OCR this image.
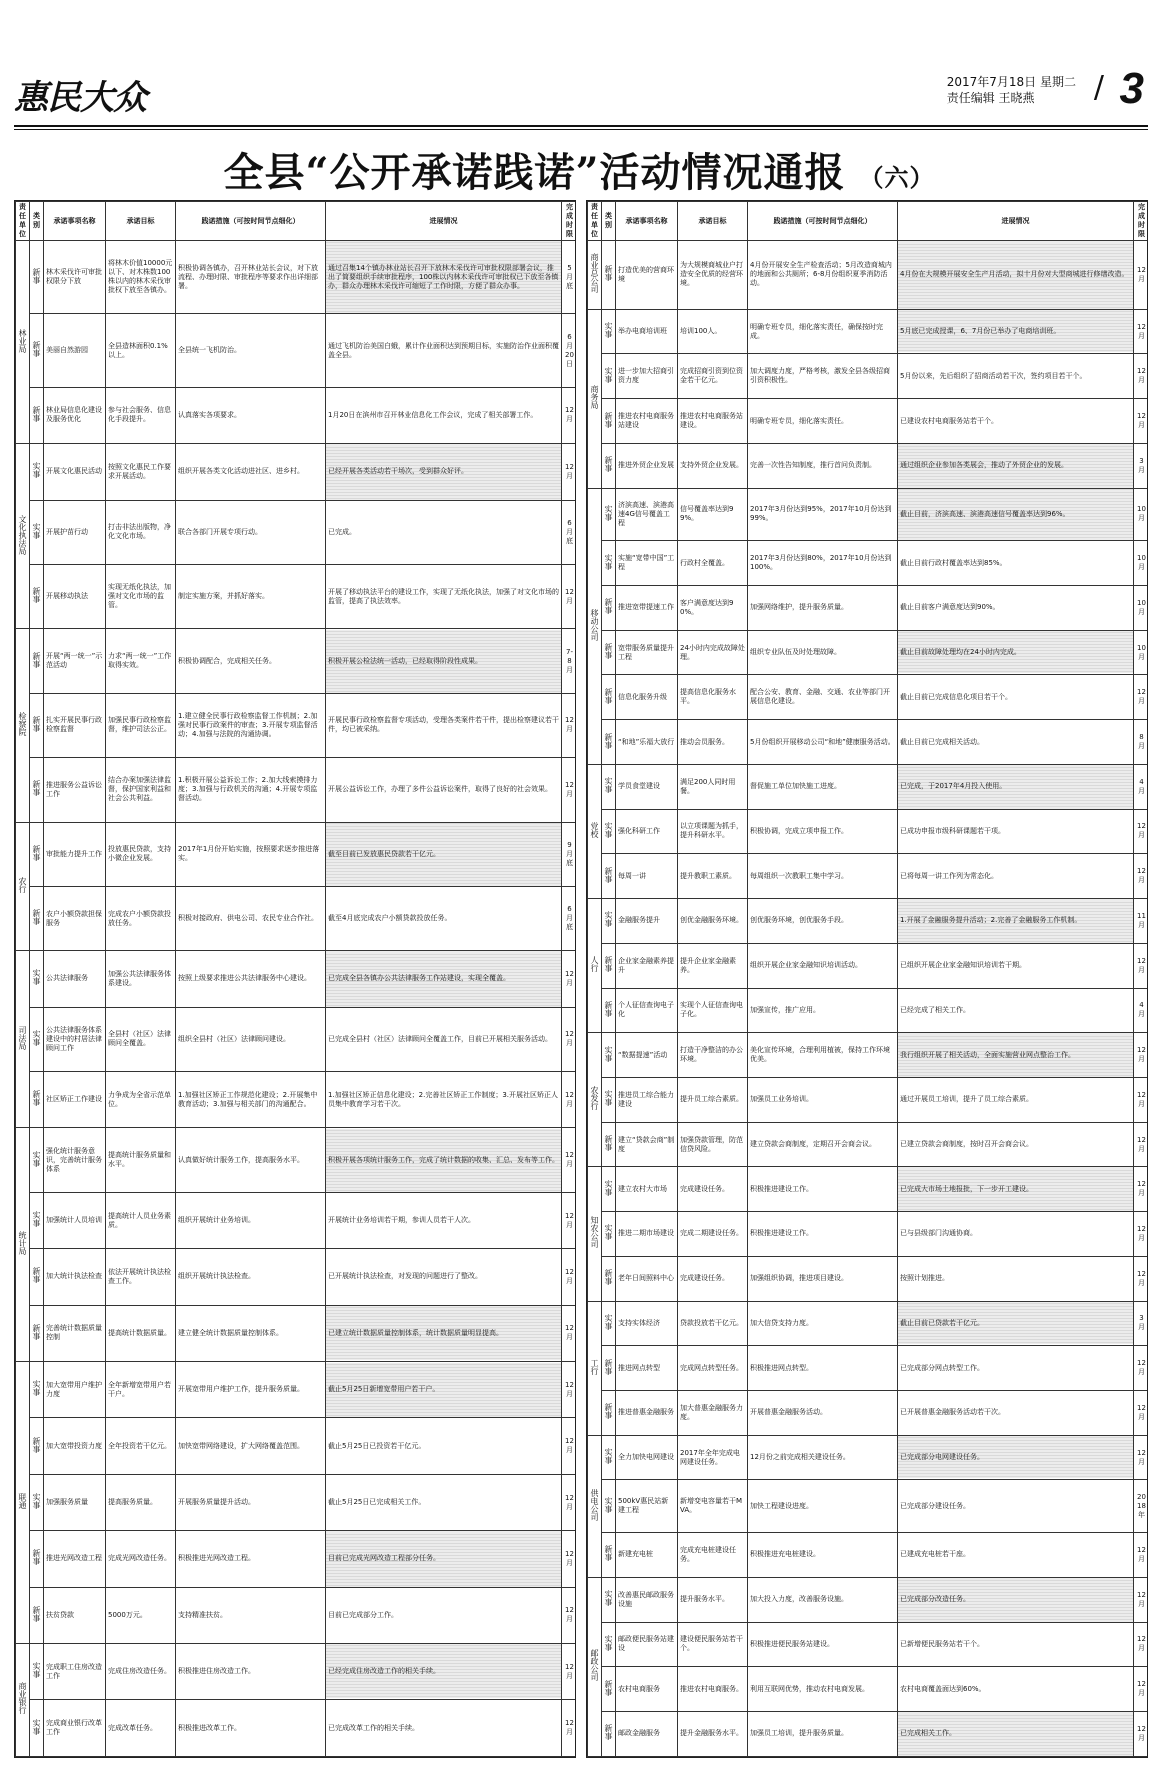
惠民大众	2017年7月18日 星期二
责任编辑 王晓燕	/ 3
全县“公开承诺践诺”活动情况通报 （六）
责任单位	类别	承诺事项名称	承诺目标	践诺措施（可按时间节点细化）	进展情况	完成时限
林业局	新事	林木采伐许可审批权限分下放	将林木价值10000元以下、对木株数100株以内的林木采伐审批权下放至各镇办。	积极协调各镇办，召开林业站长会议，对下放流程、办理时限、审批程序等要求作出详细部署。	通过召集14个镇办林业站长召开下放林木采伐许可审批权限部署会议，推出了简要组织手续审批程序，100株以内林木采伐许可审批权已下放至各镇办，群众办理林木采伐许可缩短了工作时限，方便了群众办事。	5月底
	新事	美丽自然游园	全县造林面积0.1%以上。	全县统一飞机防治。	通过飞机防治美国白蛾，累计作业面积达到预期目标，实施防治作业面积覆盖全县。	6月20日
	新事	林业局信息化建设及服务优化	参与社会服务、信息化手段提升。	认真落实各项要求。	1月20日在滨州市召开林业信息化工作会议，完成了相关部署工作。	12月
文化执法局	实事	开展文化惠民活动	按照文化惠民工作要求开展活动。	组织开展各类文化活动进社区、进乡村。	已经开展各类活动若干场次，受到群众好评。	12月
	实事	开展护苗行动	打击非法出版物，净化文化市场。	联合各部门开展专项行动。	已完成。	6月底
	新事	开展移动执法	实现无纸化执法，加强对文化市场的监管。	制定实施方案，并抓好落实。	开展了移动执法平台的建设工作，实现了无纸化执法，加强了对文化市场的监管，提高了执法效率。	12月
检察院	新事	开展“两一统一”示范活动	力求“两一统一”工作取得实效。	积极协调配合，完成相关任务。	积极开展公检法统一活动，已经取得阶段性成果。	7-8月
	新事	扎实开展民事行政检察监督	加强民事行政检察监督，维护司法公正。	1.建立健全民事行政检察监督工作机制；2.加强对民事行政案件的审查；3.开展专项监督活动；4.加强与法院的沟通协调。	开展民事行政检察监督专项活动，受理各类案件若干件，提出检察建议若干件，均已被采纳。	12月
	新事	推进服务公益诉讼工作	结合办案加强法律监督，保护国家利益和社会公共利益。	1.积极开展公益诉讼工作；2.加大线索摸排力度；3.加强与行政机关的沟通；4.开展专项监督活动。	开展公益诉讼工作，办理了多件公益诉讼案件，取得了良好的社会效果。	12月
农行	新事	审批能力提升工作	投放惠民贷款，支持小微企业发展。	2017年1月份开始实施，按照要求逐步推进落实。	截至目前已发放惠民贷款若干亿元。	9月底
	新事	农户小额贷款担保服务	完成农户小额贷款投放任务。	积极对接政府、供电公司、农民专业合作社。	截至4月底完成农户小额贷款投放任务。	6月底
司法局	实事	公共法律服务	加强公共法律服务体系建设。	按照上级要求推进公共法律服务中心建设。	已完成全县各镇办公共法律服务工作站建设，实现全覆盖。	12月
	实事	公共法律服务体系建设中的村居法律顾问工作	全县村（社区）法律顾问全覆盖。	组织全县村（社区）法律顾问建设。	已完成全县村（社区）法律顾问全覆盖工作，目前已开展相关服务活动。	12月
	新事	社区矫正工作建设	力争成为全省示范单位。	1.加强社区矫正工作规范化建设；2.开展集中教育活动；3.加强与相关部门的沟通配合。	1.加强社区矫正信息化建设；2.完善社区矫正工作制度；3.开展社区矫正人员集中教育学习若干次。	12月
统计局	实事	强化统计服务意识，完善统计服务体系	提高统计服务质量和水平。	认真做好统计服务工作，提高服务水平。	积极开展各项统计服务工作，完成了统计数据的收集、汇总、发布等工作。	12月
	实事	加强统计人员培训	提高统计人员业务素质。	组织开展统计业务培训。	开展统计业务培训若干期，参训人员若干人次。	12月
	新事	加大统计执法检查	依法开展统计执法检查工作。	组织开展统计执法检查。	已开展统计执法检查，对发现的问题进行了整改。	12月
	新事	完善统计数据质量控制	提高统计数据质量。	建立健全统计数据质量控制体系。	已建立统计数据质量控制体系，统计数据质量明显提高。	12月
联通	实事	加大宽带用户维护力度	全年新增宽带用户若干户。	开展宽带用户维护工作，提升服务质量。	截止5月25日新增宽带用户若干户。	12月
	新事	加大宽带投资力度	全年投资若干亿元。	加快宽带网络建设，扩大网络覆盖范围。	截止5月25日已投资若干亿元。	12月
	实事	加强服务质量	提高服务质量。	开展服务质量提升活动。	截止5月25日已完成相关工作。	12月
	新事	推进光网改造工程	完成光网改造任务。	积极推进光网改造工程。	目前已完成光网改造工程部分任务。	12月
	新事	扶贫贷款	5000万元。	支持精准扶贫。	目前已完成部分工作。	12月
商业银行	实事	完成职工住房改造工作	完成住房改造任务。	积极推进住房改造工作。	已经完成住房改造工作的相关手续。	12月
	实事	完成商业银行改革工作	完成改革任务。	积极推进改革工作。	已完成改革工作的相关手续。	12月
责任单位	类别	承诺事项名称	承诺目标	践诺措施（可按时间节点细化）	进展情况	完成时限
商业总公司	新事	打造优美的营商环境	为大规模商城业户打造安全优质的经营环境。	4月份开展安全生产检查活动；5月改造商城内的地面和公共厕所；6-8月份组织夏季消防活动。	4月份在大规模开展安全生产月活动，拟十月份对大型商城进行修缮改造。	12月
商务局	实事	举办电商培训班	培训100人。	明确专班专员，细化落实责任，确保按时完成。	5月底已完成授课，6、7月份已举办了电商培训班。	12月
	实事	进一步加大招商引资力度	完成招商引资到位资金若干亿元。	加大调度力度，严格考核，激发全县各级招商引资积极性。	5月份以来，先后组织了招商活动若干次，签约项目若干个。	12月
	新事	推进农村电商服务站建设	推进农村电商服务站建设。	明确专班专员，细化落实责任。	已建设农村电商服务站若干个。	12月
	新事	推进外贸企业发展	支持外贸企业发展。	完善一次性告知制度，推行首问负责制。	通过组织企业参加各类展会，推动了外贸企业的发展。	3月
移动公司	实事	济滨高速、滨港高速4G信号覆盖工程	信号覆盖率达到99%。	2017年3月份达到95%，2017年10月份达到99%。	截止目前，济滨高速、滨港高速信号覆盖率达到96%。	10月
	实事	实施“宽带中国”工程	行政村全覆盖。	2017年3月份达到80%，2017年10月份达到100%。	截止目前行政村覆盖率达到85%。	10月
	新事	推进宽带提速工作	客户满意度达到90%。	加强网络维护，提升服务质量。	截止目前客户满意度达到90%。	10月
	新事	宽带服务质量提升工程	24小时内完成故障处理。	组织专业队伍及时处理故障。	截止目前故障处理均在24小时内完成。	10月
	新事	信息化服务升级	提高信息化服务水平。	配合公安、教育、金融、交通、农业等部门开展信息化建设。	截止目前已完成信息化项目若干个。	12月
	新事	“和地”乐福大放行	推动会员服务。	5月份组织开展移动公司“和地”健康服务活动。	截止目前已完成相关活动。	8月
党校	实事	学员食堂建设	满足200人同时用餐。	督促施工单位加快施工进度。	已完成，于2017年4月投入使用。	4月
	实事	强化科研工作	以立项课题为抓手，提升科研水平。	积极协调，完成立项申报工作。	已成功申报市级科研课题若干项。	12月
	新事	每周一讲	提升教职工素质。	每周组织一次教职工集中学习。	已将每周一讲工作列为常态化。	12月
人行	实事	金融服务提升	创优金融服务环境。	创优服务环境，创优服务手段。	1.开展了金融服务提升活动；2.完善了金融服务工作机制。	11月
	新事	企业家金融素养提升	提升企业家金融素养。	组织开展企业家金融知识培训活动。	已组织开展企业家金融知识培训若干期。	12月
	新事	个人征信查询电子化	实现个人征信查询电子化。	加强宣传，推广应用。	已经完成了相关工作。	4月
农发行	实事	“数据提速”活动	打造干净整洁的办公环境。	美化宣传环境，合理利用植被，保持工作环境优美。	我行组织开展了相关活动，全面实施营业网点整治工作。	12月
	实事	推进员工综合能力建设	提升员工综合素质。	加强员工业务培训。	通过开展员工培训，提升了员工综合素质。	12月
	新事	建立“贷款会商”制度	加强贷款管理，防范信贷风险。	建立贷款会商制度，定期召开会商会议。	已建立贷款会商制度，按时召开会商会议。	12月
知农公司	实事	建立农村大市场	完成建设任务。	积极推进建设工作。	已完成大市场土地报批，下一步开工建设。	12月
	实事	推进二期市场建设	完成二期建设任务。	积极推进建设工作。	已与县级部门沟通协商。	12月
	新事	老年日间照料中心	完成建设任务。	加强组织协调，推进项目建设。	按照计划推进。	12月
工行	实事	支持实体经济	贷款投放若干亿元。	加大信贷支持力度。	截止目前已贷款若干亿元。	3月
	新事	推进网点转型	完成网点转型任务。	积极推进网点转型。	已完成部分网点转型工作。	12月
	新事	推进普惠金融服务	加大普惠金融服务力度。	开展普惠金融服务活动。	已开展普惠金融服务活动若干次。	12月
供电公司	实事	全力加快电网建设	2017年全年完成电网建设任务。	12月份之前完成相关建设任务。	已完成部分电网建设任务。	12月
	实事	500kV惠民站新建工程	新增变电容量若干MVA。	加快工程建设进度。	已完成部分建设任务。	2018年
	新事	新建充电桩	完成充电桩建设任务。	积极推进充电桩建设。	已建成充电桩若干座。	12月
邮政公司	实事	改善惠民邮政服务设施	提升服务水平。	加大投入力度，改善服务设施。	已完成部分改造任务。	12月
	实事	邮政便民服务站建设	建设便民服务站若干个。	积极推进便民服务站建设。	已新增便民服务站若干个。	12月
	新事	农村电商服务	推进农村电商服务。	利用互联网优势，推动农村电商发展。	农村电商覆盖面达到60%。	12月
	新事	邮政金融服务	提升金融服务水平。	加强员工培训，提升服务质量。	已完成相关工作。	12月
